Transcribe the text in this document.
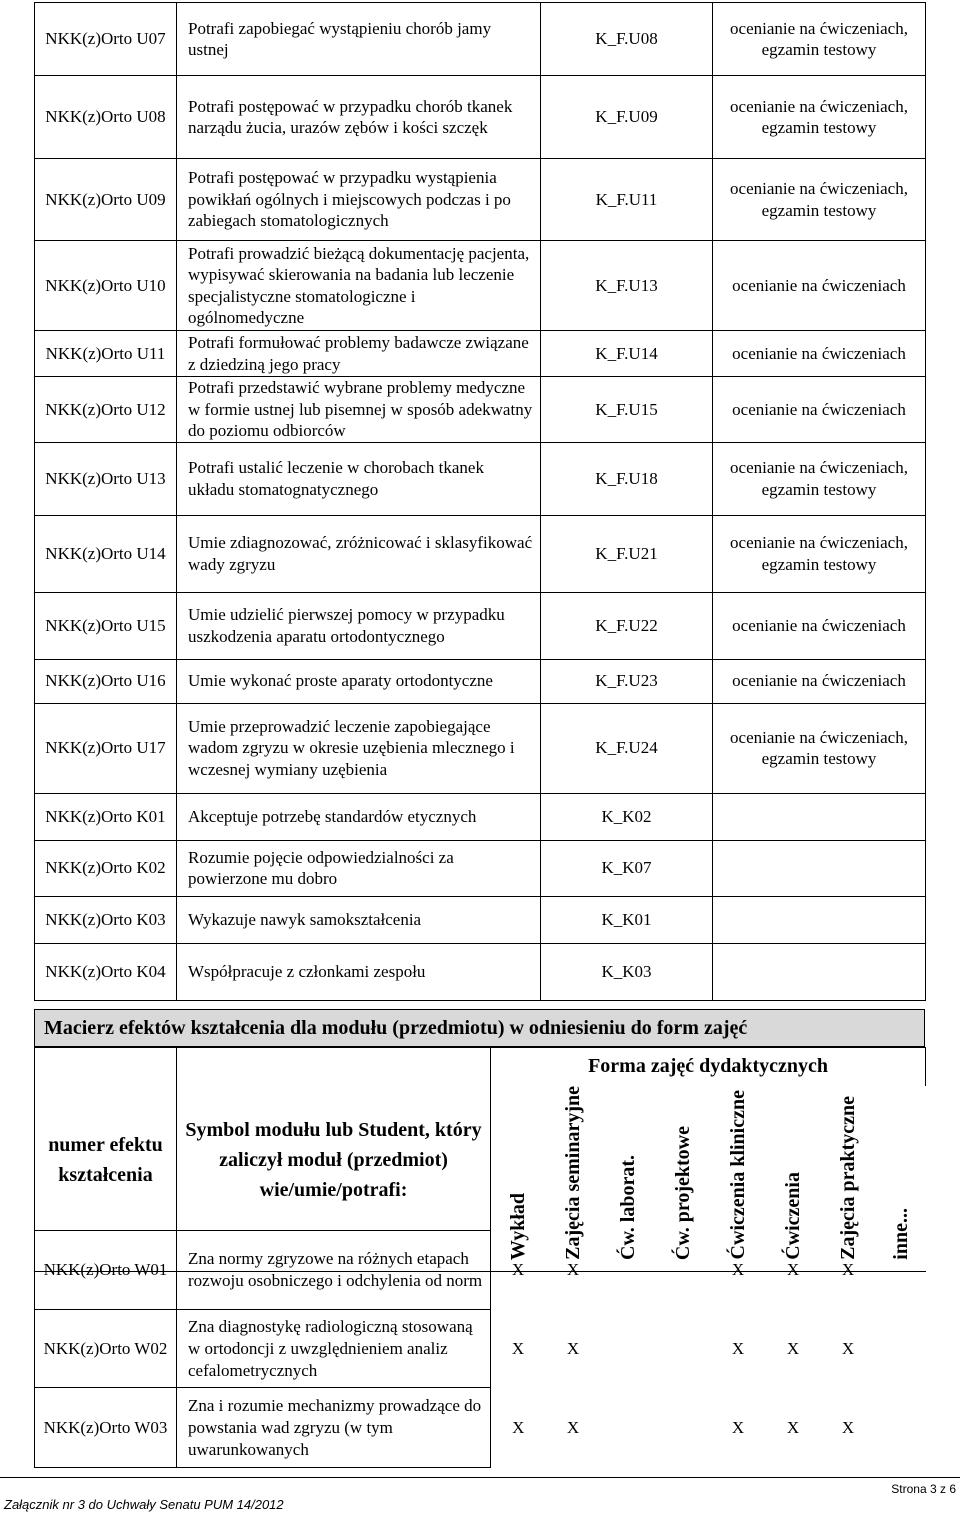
NKK(z)Orto U07	Potrafi zapobiegać wystąpieniu chorób jamy ustnej	K_F.U08	ocenianie na ćwiczeniach, egzamin testowy
NKK(z)Orto U08	Potrafi postępować w przypadku chorób tkanek narządu żucia, urazów zębów i kości szczęk	K_F.U09	ocenianie na ćwiczeniach, egzamin testowy
NKK(z)Orto U09	Potrafi postępować w przypadku wystąpienia powikłań ogólnych i miejscowych podczas i po zabiegach stomatologicznych	K_F.U11	ocenianie na ćwiczeniach, egzamin testowy
NKK(z)Orto U10	Potrafi prowadzić bieżącą dokumentację pacjenta, wypisywać skierowania na badania lub leczenie specjalistyczne stomatologiczne i ogólnomedyczne	K_F.U13	ocenianie na ćwiczeniach
NKK(z)Orto U11	Potrafi formułować problemy badawcze związane z dziedziną jego pracy	K_F.U14	ocenianie na ćwiczeniach
NKK(z)Orto U12	Potrafi przedstawić wybrane problemy medyczne w formie ustnej lub pisemnej w sposób adekwatny do poziomu odbiorców	K_F.U15	ocenianie na ćwiczeniach
NKK(z)Orto U13	Potrafi ustalić leczenie w chorobach tkanek układu stomatognatycznego	K_F.U18	ocenianie na ćwiczeniach, egzamin testowy
NKK(z)Orto U14	Umie zdiagnozować, zróżnicować i sklasyfikować wady zgryzu	K_F.U21	ocenianie na ćwiczeniach, egzamin testowy
NKK(z)Orto U15	Umie udzielić pierwszej pomocy w przypadku uszkodzenia aparatu ortodontycznego	K_F.U22	ocenianie na ćwiczeniach
NKK(z)Orto U16	Umie wykonać proste aparaty ortodontyczne	K_F.U23	ocenianie na ćwiczeniach
NKK(z)Orto U17	Umie przeprowadzić leczenie zapobiegające wadom zgryzu w okresie uzębienia mlecznego i wczesnej wymiany uzębienia	K_F.U24	ocenianie na ćwiczeniach, egzamin testowy
NKK(z)Orto K01	Akceptuje potrzebę standardów etycznych	K_K02	
NKK(z)Orto K02	Rozumie pojęcie odpowiedzialności za powierzone mu dobro	K_K07	
NKK(z)Orto K03	Wykazuje nawyk samokształcenia	K_K01	
NKK(z)Orto K04	Współpracuje z członkami zespołu	K_K03	
Macierz efektów kształcenia dla modułu (przedmiotu) w odniesieniu do form zajęć
numer efektu kształcenia	Symbol modułu lub Student, który zaliczył moduł (przedmiot) wie/umie/potrafi:	Forma zajęć dydaktycznych							
		Wykład	Zajęcia seminaryjne	Ćw. laborat.	Ćw. projektowe	Ćwiczenia kliniczne	Ćwiczenia	Zajęcia praktyczne	inne...
NKK(z)Orto W01	Zna normy zgryzowe na różnych etapach rozwoju osobniczego i odchylenia od norm	X	X			X	X	X	
NKK(z)Orto W02	Zna diagnostykę radiologiczną stosowaną w ortodoncji z uwzględnieniem analiz cefalometrycznych	X	X			X	X	X	
NKK(z)Orto W03	Zna i rozumie mechanizmy prowadzące do powstania wad zgryzu (w tym uwarunkowanych	X	X			X	X	X	
Załącznik nr 3 do Uchwały Senatu PUM 14/2012
Strona 3 z 6
